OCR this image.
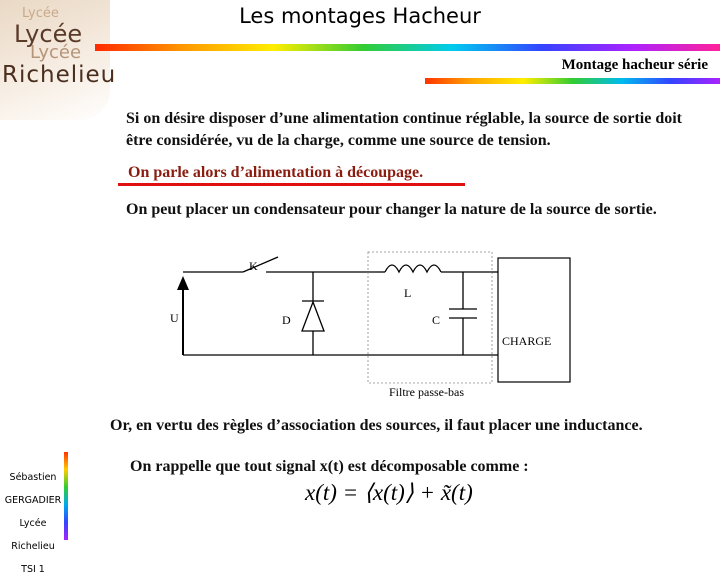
Lycée
Lycée
Lycée
Richelieu
Les montages Hacheur
Montage hacheur série
Si on désire disposer d’une alimentation continue réglable, la source de sortie doit être considérée, vu de la charge, comme une source de tension.
On parle alors d’alimentation à découpage.
On peut placer un condensateur pour changer la nature de la source de sortie.
K
L
Filtre passe-bas
U	D	C
CHARGE
Or, en vertu des règles d’association des sources, il faut placer une inductance.
On rappelle que tout signal x(t) est décomposable comme :
x(t) = ⟨x(t)⟩ + x̃(t)
Sébastien
GERGADIER
Lycée Richelieu
TSI 1
